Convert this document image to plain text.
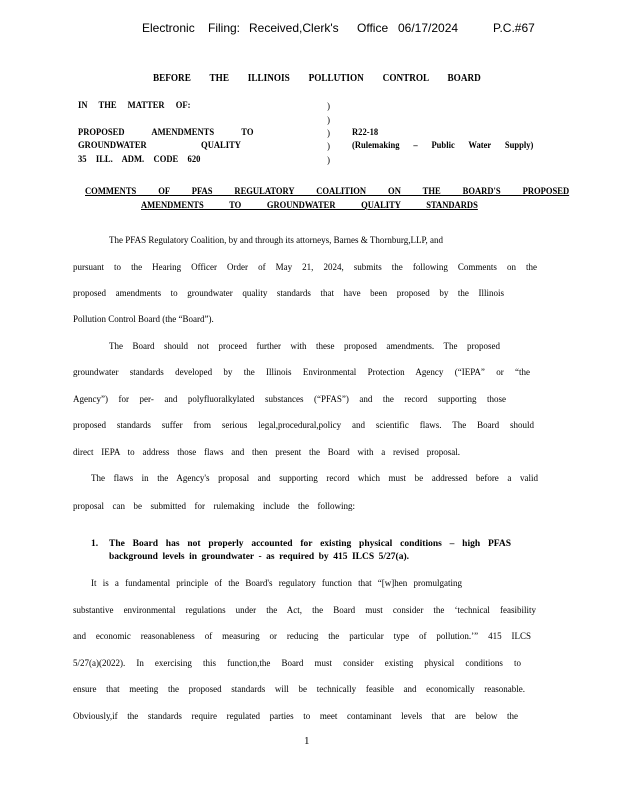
Electronic Filing: Received,Clerk's Office 06/17/2024	P.C.#67
BEFORE THE ILLINOIS POLLUTION CONTROL BOARD
IN THE MATTER OF:
PROPOSED AMENDMENTS TO
GROUNDWATER QUALITY
35 ILL. ADM. CODE 620
)
)
)
)
)
R22-18
(Rulemaking – Public Water Supply)
COMMENTS OF PFAS REGULATORY COALITION ON THE BOARD'S PROPOSED
AMENDMENTS TO GROUNDWATER QUALITY STANDARDS
The PFAS Regulatory Coalition, by and through its attorneys, Barnes & Thornburg,LLP, and
pursuant to the Hearing Officer Order of May 21, 2024, submits the following Comments on the
proposed amendments to groundwater quality standards that have been proposed by the Illinois
Pollution Control Board (the “Board”).
The Board should not proceed further with these proposed amendments. The proposed
groundwater standards developed by the Illinois Environmental Protection Agency (“IEPA” or “the
Agency”) for per- and polyfluoralkylated substances (“PFAS”) and the record supporting those
proposed standards suffer from serious legal,procedural,policy and scientific flaws. The Board should
direct IEPA to address those flaws and then present the Board with a revised proposal.
The flaws in the Agency's proposal and supporting record which must be addressed before a valid
proposal can be submitted for rulemaking include the following:
1. The Board has not properly accounted for existing physical conditions – high PFAS
background levels in groundwater - as required by 415 ILCS 5/27(a).
It is a fundamental principle of the Board's regulatory function that “[w]hen promulgating
substantive environmental regulations under the Act, the Board must consider the ‘technical feasibility
and economic reasonableness of measuring or reducing the particular type of pollution.’” 415 ILCS
5/27(a)(2022). In exercising this function,the Board must consider existing physical conditions to
ensure that meeting the proposed standards will be technically feasible and economically reasonable.
Obviously,if the standards require regulated parties to meet contaminant levels that are below the
1
